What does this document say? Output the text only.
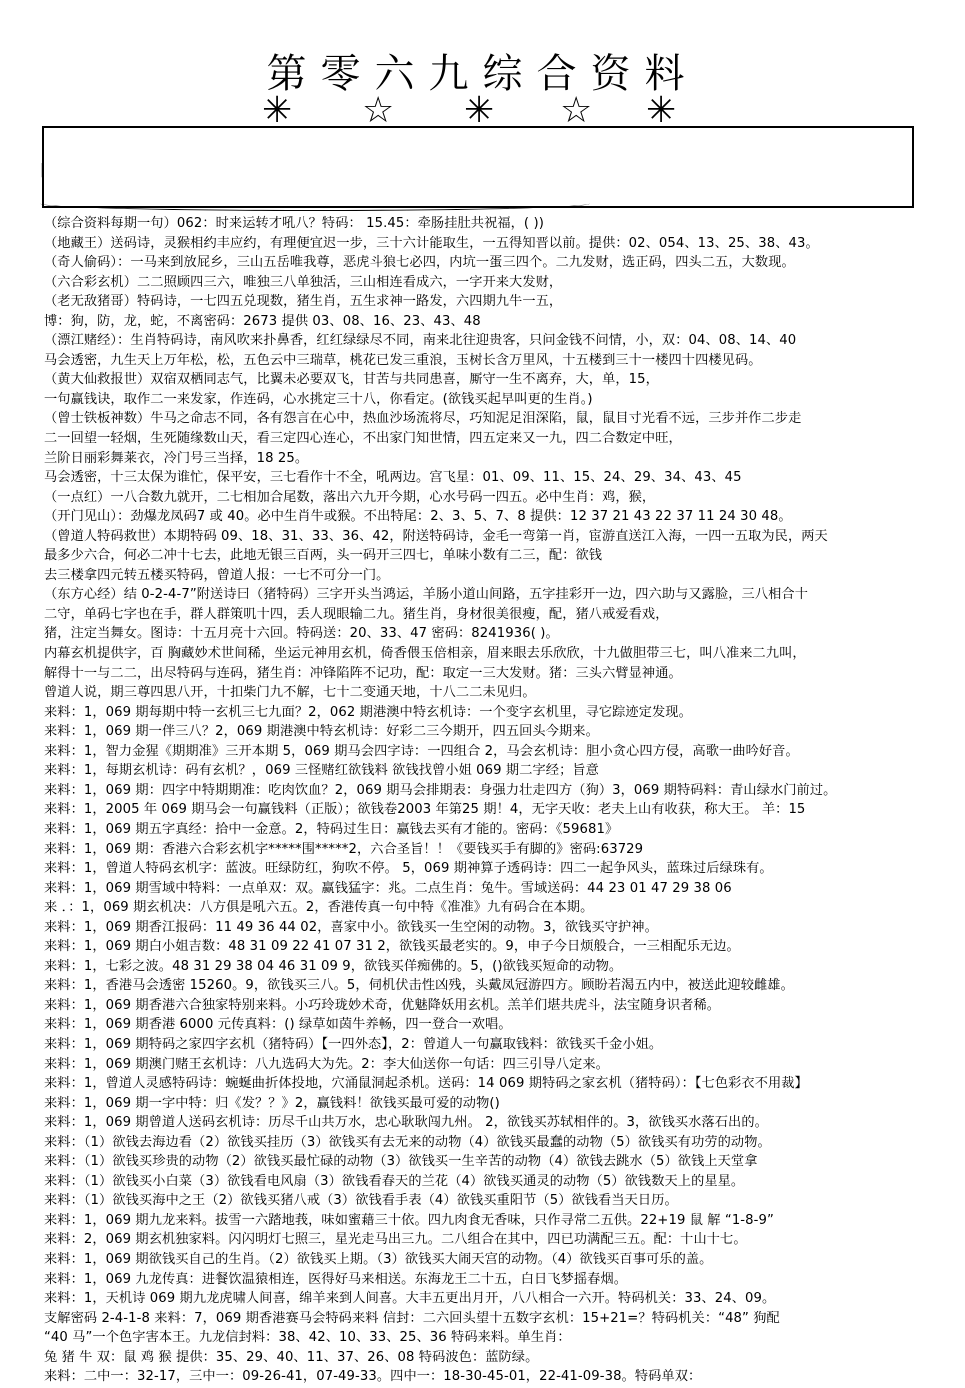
第零六九综合资料
✳ ☆ ✳ ☆ ✳
|
（综合资料每期一句）062：时来运转才吼八？特码： 15.45：牵肠挂肚共祝福，( ))
（地藏王）送码诗，灵猴相约丰应约，有理便宜迟一步，三十六计能取生，一五得知晋以前。提供：02、054、13、25、38、43。
（奇人偷码）：一马来到放屁乡，三山五岳唯我尊，恶虎斗狼七必四，内坑一蛋三四个。二九发财，选正码，四头二五，大数现。
（六合彩玄机）二二照顾四三六，唯独三八单独活，三山相连看成六，一字开来大发财，
（老无敌猪哥）特码诗，一七四五兑现数，猪生肖，五生求神一路发，六四期九牛一五，
博：狗，防，龙，蛇，不离密码：2673 提供 03、08、16、23、43、48
（漂江赌经）：生肖特码诗，南风吹来扑鼻香，红红绿绿尽不同，南来北往迎贵客，只问金钱不问情，小，双：04、08、14、40
马会透密，九生天上万年松，松，五色云中三瑞草，桃花已发三重浪，玉树长含万里风，十五楼到三十一楼四十四楼见码。
（黄大仙救报世）双宿双栖同志气，比翼未必要双飞，甘苦与共同患喜，厮守一生不离弃，大，单，15，
一句赢钱诀，取作二一来发家，作连码，心水挑定三十八，你看定。(欲钱买起早叫更的生肖。)
（曾士铁板神数）牛马之命志不同，各有怨言在心中，热血沙场流将尽，巧知泥足泪深陷，鼠，鼠目寸光看不远，三步并作二步走
二一回望一轻烟，生死随缘数山天，看三定四心连心，不出家门知世情，四五定来又一九，四二合数定中旺，
兰阶日丽彩舞莱衣，冷门号三当择，18 25。
马会透密，十三太保为谁忙，保平安，三七看作十不全，吼两边。宫飞星：01、09、11、15、24、29、34、43、45
（一点红）一八合数九就开，二七相加合尾数，落出六九开今期，心水号码一四五。必中生肖：鸡，猴，
（开门见山）：劲爆龙凤码7 或 40。必中生肖牛或猴。不出特尾：2、3、5、7、8 提供：12 37 21 43 22 37 11 24 30 48。
（曾道人特码救世）本期特码 09、18、31、33、36、42，附送特码诗，金毛一弯第一肖，宦游直送江入海，一四一五取为民，两天
最多少六合，何必二冲十七去，此地无银三百两，头一码开三四七，单味小数有二三，配：欲钱
去三楼拿四元转五楼买特码，曾道人报：一七不可分一门。
（东方心经）结 0-2-4-7”附送诗曰（猪特码）三字开头当鸿运，羊肠小道山间路，五字挂彩开一边，四六助与又露脸，三八相合十
二守，单码七字也在手，群人群策叽十四，丢人现眼输二九。猪生肖，身材很美很瘦，配，猪八戒爱看戏，
猪，注定当舞女。图诗：十五月亮十六回。特码送：20、33、47 密码：8241936( )。
内幕玄机提供字，百 胸藏妙术世间稀，坐运元神用玄机，倚香偎玉倍相亲，眉来眼去乐欣欣，十九做胆带三七，叫八准来二九叫，
解得十一与二二，出尽特码与连码，猪生肖：冲锋陷阵不记功，配：取定一三大发财。猪：三头六臂显神通。
曾道人说，期三尊四思八开，十扣柴门九不解，七十二变通天地，十八二二未见归。
来料：1，069 期每期中特一玄机三七九面？2，062 期港澳中特玄机诗：一个变字玄机里，寻它踪迹定发现。
来料：1，069 期一伴三八？2，069 期港澳中特玄机诗：好彩二三今期开，四五回头今期来。
来料：1，智力金猩《期期准》三开本期 5，069 期马会四字诗：一四组合 2，马会玄机诗：胆小贪心四方侵，高歌一曲吟好音。
来料：1，每期玄机诗：码有玄机？，069 三怪赌红欲钱料 欲钱找曾小姐 069 期二字经；旨意
来料：1，069 期：四字中特期期准：吃肉饮血？2，069 期马会排期表：身强力壮走四方（狗）3，069 期特码料：青山绿水门前过。
来料：1，2005 年 069 期马会一句赢钱料（正版）；欲钱卷2003 年第25 期！4，无字天收：老夫上山有收获，称大王。 羊：15
来料：1，069 期五字真经：拾中一金意。2，特码过生日：赢钱去买有才能的。密码：《59681》
来料：1，069 期：香港六合彩玄机字*****围*****2，六合圣旨！！《要钱买手有脚的》密码:63729
来料：1，曾道人特码玄机字：蓝波。旺绿防红，狗吹不停。 5，069 期神算子透码诗：四二一起争风头，蓝珠过后绿珠有。
来料：1，069 期雪域中特料：一点单双：双。赢钱猛字：兆。二点生肖：兔牛。雪域送码：44 23 01 47 29 38 06
来 ．：1，069 期玄机决：八方俱是吼六五。2，香港传真一句中特《准准》九有码合在本期。
来料：1，069 期香江报码：11 49 36 44 02，喜家中小。欲钱买一生空闲的动物。3，欲钱买守护神。
来料：1，069 期白小姐吉数：48 31 09 22 41 07 31 2，欲钱买最老实的。9，申子今日烦般合，一三相配乐无边。
来料：1，七彩之波。48 31 29 38 04 46 31 09 9，欲钱买佯痴佛的。5，()欲钱买短命的动物。
来料：1，香港马会透密 15260。9，欲钱买三八。5，伺机伏击性凶残，头戴凤冠游四方。顾盼若渴五内中，被送此迎较雌雄。
来料：1，069 期香港六合独家特别来料。小巧玲珑妙术奇，优魅降妖用玄机。羔羊们堪共虎斗，法宝随身识者稀。
来料：1，069 期香港 6000 元传真料：() 绿草如茵牛养畅，四一登合一欢唱。
来料：1，069 期特码之家四字玄机（猪特码）【一四外态】，2：曾道人一句赢取钱料：欲钱买千金小姐。
来料：1，069 期澳门赌王玄机诗：八九选码大为先。2：李大仙送你一句话：四三引导八定来。
来料：1，曾道人灵感特码诗：蜿蜒曲折体投地，穴涌鼠洞起杀机。送码：14 069 期特码之家玄机（猪特码）：【七色彩衣不用裁】
来料：1，069 期一字中特：归《发？？》2，赢钱料！欲钱买最可爱的动物()
来料：1，069 期曾道人送码玄机诗：历尽千山共万水，忠心耿耿闯九州。 2，欲钱买苏轼相伴的。3，欲钱买水落石出的。
来料：（1）欲钱去海边看（2）欲钱买挂历（3）欲钱买有去无来的动物（4）欲钱买最蠢的动物（5）欲钱买有功劳的动物。
来料：（1）欲钱买珍贵的动物（2）欲钱买最忙碌的动物（3）欲钱买一生辛苦的动物（4）欲钱去跳水（5）欲钱上天堂拿
来料：（1）欲钱买小白菜（3）欲钱看电风扇（3）欲钱看春天的兰花（4）欲钱买通灵的动物（5）欲钱数天上的星星。
来料：（1）欲钱买海中之王（2）欲钱买猪八戒（3）欲钱看手表（4）欲钱买重阳节（5）欲钱看当天日历。
来料：1，069 期九龙来料。拔雪一六踏地莪，味如蜜藉三十依。四九肉食无香味，只作寻常二五供。22+19 鼠 解 “1-8-9”
来料：2，069 期玄机独家料。闪闪明灯七照三，星光走马出三九。二八组合在其中，四已功满配三五。配：十山十七。
来料：1，069 期欲钱买自己的生肖。（2）欲钱买上期。（3）欲钱买大闹天宫的动物。（4）欲钱买百事可乐的盖。
来料：1，069 九龙传真：进餐饮温猿相连，医得好马来相送。东海龙王二十五，白日飞梦摇春烟。
来料：1，天机诗 069 期九龙虎啸人间喜，绵羊来到人间喜。大丰五更出月开，八八相合一六开。特码机关：33、24、09。
支解密码 2-4-1-8 来料：7，069 期香港赛马会特码来料 信封：二六回头望十五数字玄机：15+21=？特码机关：“48” 狗配
“40 马”一个色字害本王。九龙信封料：38、42、10、33、25、36 特码来料。单生肖：
兔 猪 牛 双：鼠 鸡 猴 提供：35、29、40、11、37、26、08 特码波色：蓝防绿。
来料：二中一：32-17，三中一：09-26-41，07-49-33。四中一：18-30-45-01，22-41-09-38。特码单双：
